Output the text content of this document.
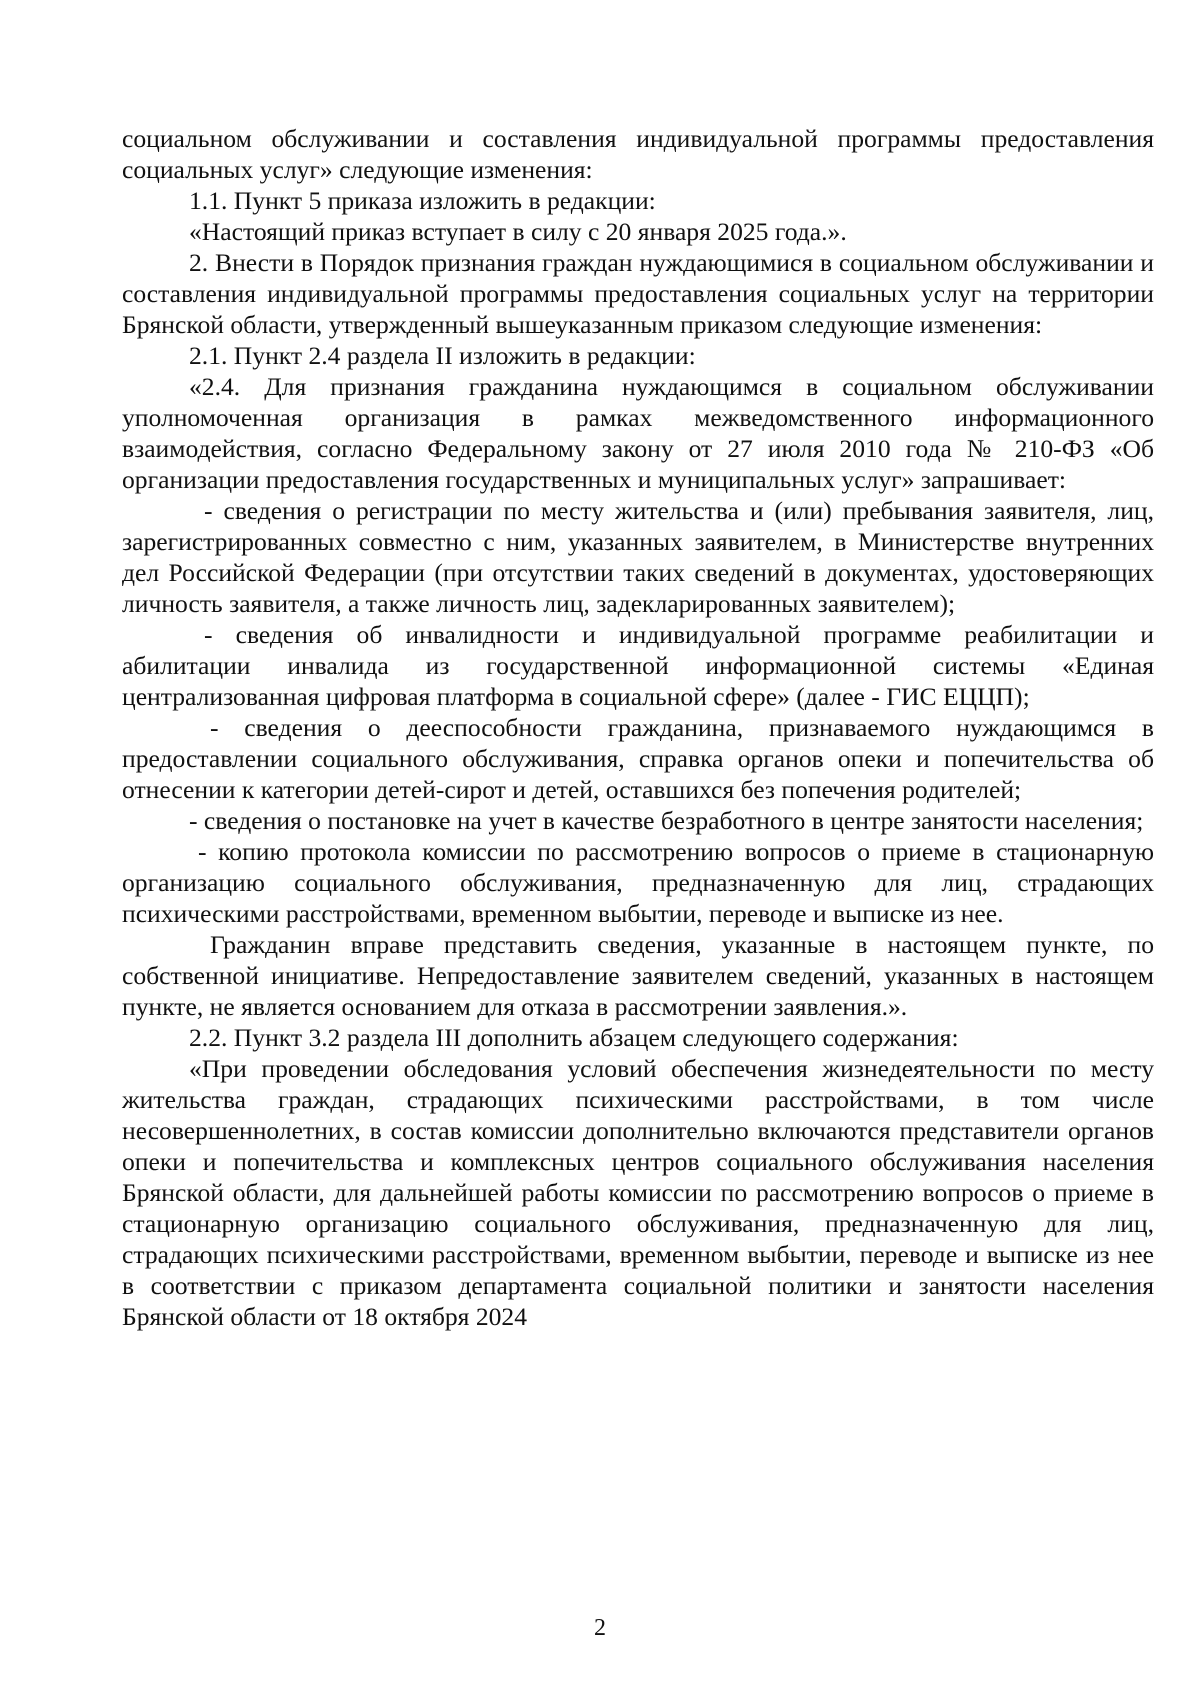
социальном обслуживании и составления индивидуальной программы предоставления социальных услуг» следующие изменения:

1.1. Пункт 5 приказа изложить в редакции:

«Настоящий приказ вступает в силу с 20 января 2025 года.».

2. Внести в Порядок признания граждан нуждающимися в социальном обслуживании и составления индивидуальной программы предоставления социальных услуг на территории Брянской области, утвержденный вышеуказанным приказом следующие изменения:

2.1. Пункт 2.4 раздела II изложить в редакции:

«2.4. Для признания гражданина нуждающимся в социальном обслуживании уполномоченная организация в рамках межведомственного информационного взаимодействия, согласно Федеральному закону от 27 июля 2010 года № 210-ФЗ «Об организации предоставления государственных и муниципальных услуг» запрашивает:

- сведения о регистрации по месту жительства и (или) пребывания заявителя, лиц, зарегистрированных совместно с ним, указанных заявителем, в Министерстве внутренних дел Российской Федерации (при отсутствии таких сведений в документах, удостоверяющих личность заявителя, а также личность лиц, задекларированных заявителем);

- сведения об инвалидности и индивидуальной программе реабилитации и абилитации инвалида из государственной информационной системы «Единая централизованная цифровая платформа в социальной сфере» (далее - ГИС ЕЦЦП);

- сведения о дееспособности гражданина, признаваемого нуждающимся в предоставлении социального обслуживания, справка органов опеки и попечительства об отнесении к категории детей-сирот и детей, оставшихся без попечения родителей;

- сведения о постановке на учет в качестве безработного в центре занятости населения;

- копию протокола комиссии по рассмотрению вопросов о приеме в стационарную организацию социального обслуживания, предназначенную для лиц, страдающих психическими расстройствами, временном выбытии, переводе и выписке из нее.

Гражданин вправе представить сведения, указанные в настоящем пункте, по собственной инициативе. Непредоставление заявителем сведений, указанных в настоящем пункте, не является основанием для отказа в рассмотрении заявления.».

2.2. Пункт 3.2 раздела III дополнить абзацем следующего содержания:

«При проведении обследования условий обеспечения жизнедеятельности по месту жительства граждан, страдающих психическими расстройствами, в том числе несовершеннолетних, в состав комиссии дополнительно включаются представители органов опеки и попечительства и комплексных центров социального обслуживания населения Брянской области, для дальнейшей работы комиссии по рассмотрению вопросов о приеме в стационарную организацию социального обслуживания, предназначенную для лиц, страдающих психическими расстройствами, временном выбытии, переводе и выписке из нее в соответствии с приказом департамента социальной политики и занятости населения Брянской области от 18 октября 2024

2
